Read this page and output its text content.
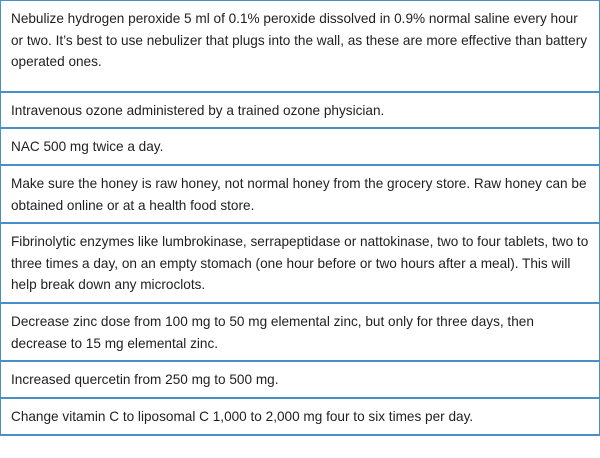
Nebulize hydrogen peroxide 5 ml of 0.1% peroxide dissolved in 0.9% normal saline every hour or two. It’s best to use nebulizer that plugs into the wall, as these are more effective than battery operated ones.
Intravenous ozone administered by a trained ozone physician.
NAC 500 mg twice a day.
Make sure the honey is raw honey, not normal honey from the grocery store. Raw honey can be obtained online or at a health food store.
Fibrinolytic enzymes like lumbrokinase, serrapeptidase or nattokinase, two to four tablets, two to three times a day, on an empty stomach (one hour before or two hours after a meal). This will help break down any microclots.
Decrease zinc dose from 100 mg to 50 mg elemental zinc, but only for three days, then decrease to 15 mg elemental zinc.
Increased quercetin from 250 mg to 500 mg.
Change vitamin C to liposomal C 1,000 to 2,000 mg four to six times per day.
